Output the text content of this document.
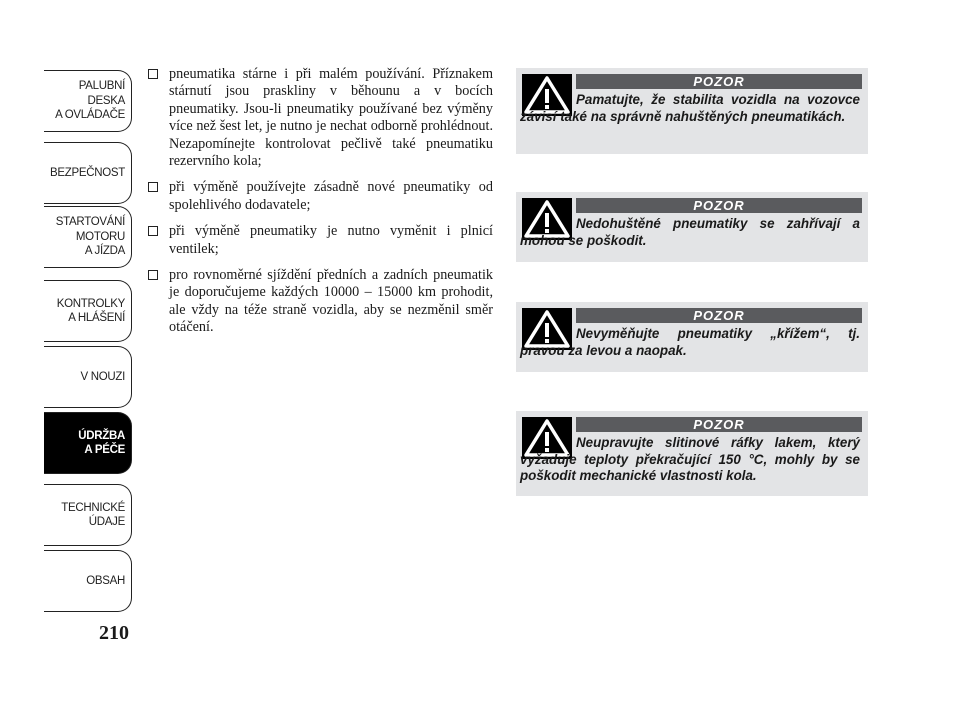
PALUBNÍ DESKA
A OVLÁDAČE
BEZPEČNOST
STARTOVÁNÍ
MOTORU
A JÍZDA
KONTROLKY
A HLÁŠENÍ
V NOUZI
ÚDRŽBA
A PÉČE
TECHNICKÉ
ÚDAJE
OBSAH
210
pneumatika stárne i při malém používání. Příznakem stárnutí jsou praskliny v běhounu a v bocích pneumatiky. Jsou-li pneumatiky používané bez výměny více než šest let, je nutno je nechat odborně prohlédnout. Nezapomínejte kontrolovat pečlivě také pneumatiku rezervního kola;
při výměně používejte zásadně nové pneumatiky od spolehlivého dodavatele;
při výměně pneumatiky je nutno vyměnit i plnicí ventilek;
pro rovnoměrné sjíždění předních a zadních pneumatik je doporučujeme každých 10000 – 15000 km prohodit, ale vždy na téže straně vozidla, aby se nezměnil směr otáčení.
POZOR
Pamatujte, že stabilita vozidla na vozovce závisí také na správně nahuštěných pneumatikách.
POZOR
Nedohuštěné pneumatiky se zahřívají a mohou se poškodit.
POZOR
Nevyměňujte pneumatiky „křížem“, tj. pravou za levou a naopak.
POZOR
Neupravujte slitinové ráfky lakem, který vyžaduje teploty překračující 150 °C, mohly by se poškodit mechanické vlastnosti kola.
